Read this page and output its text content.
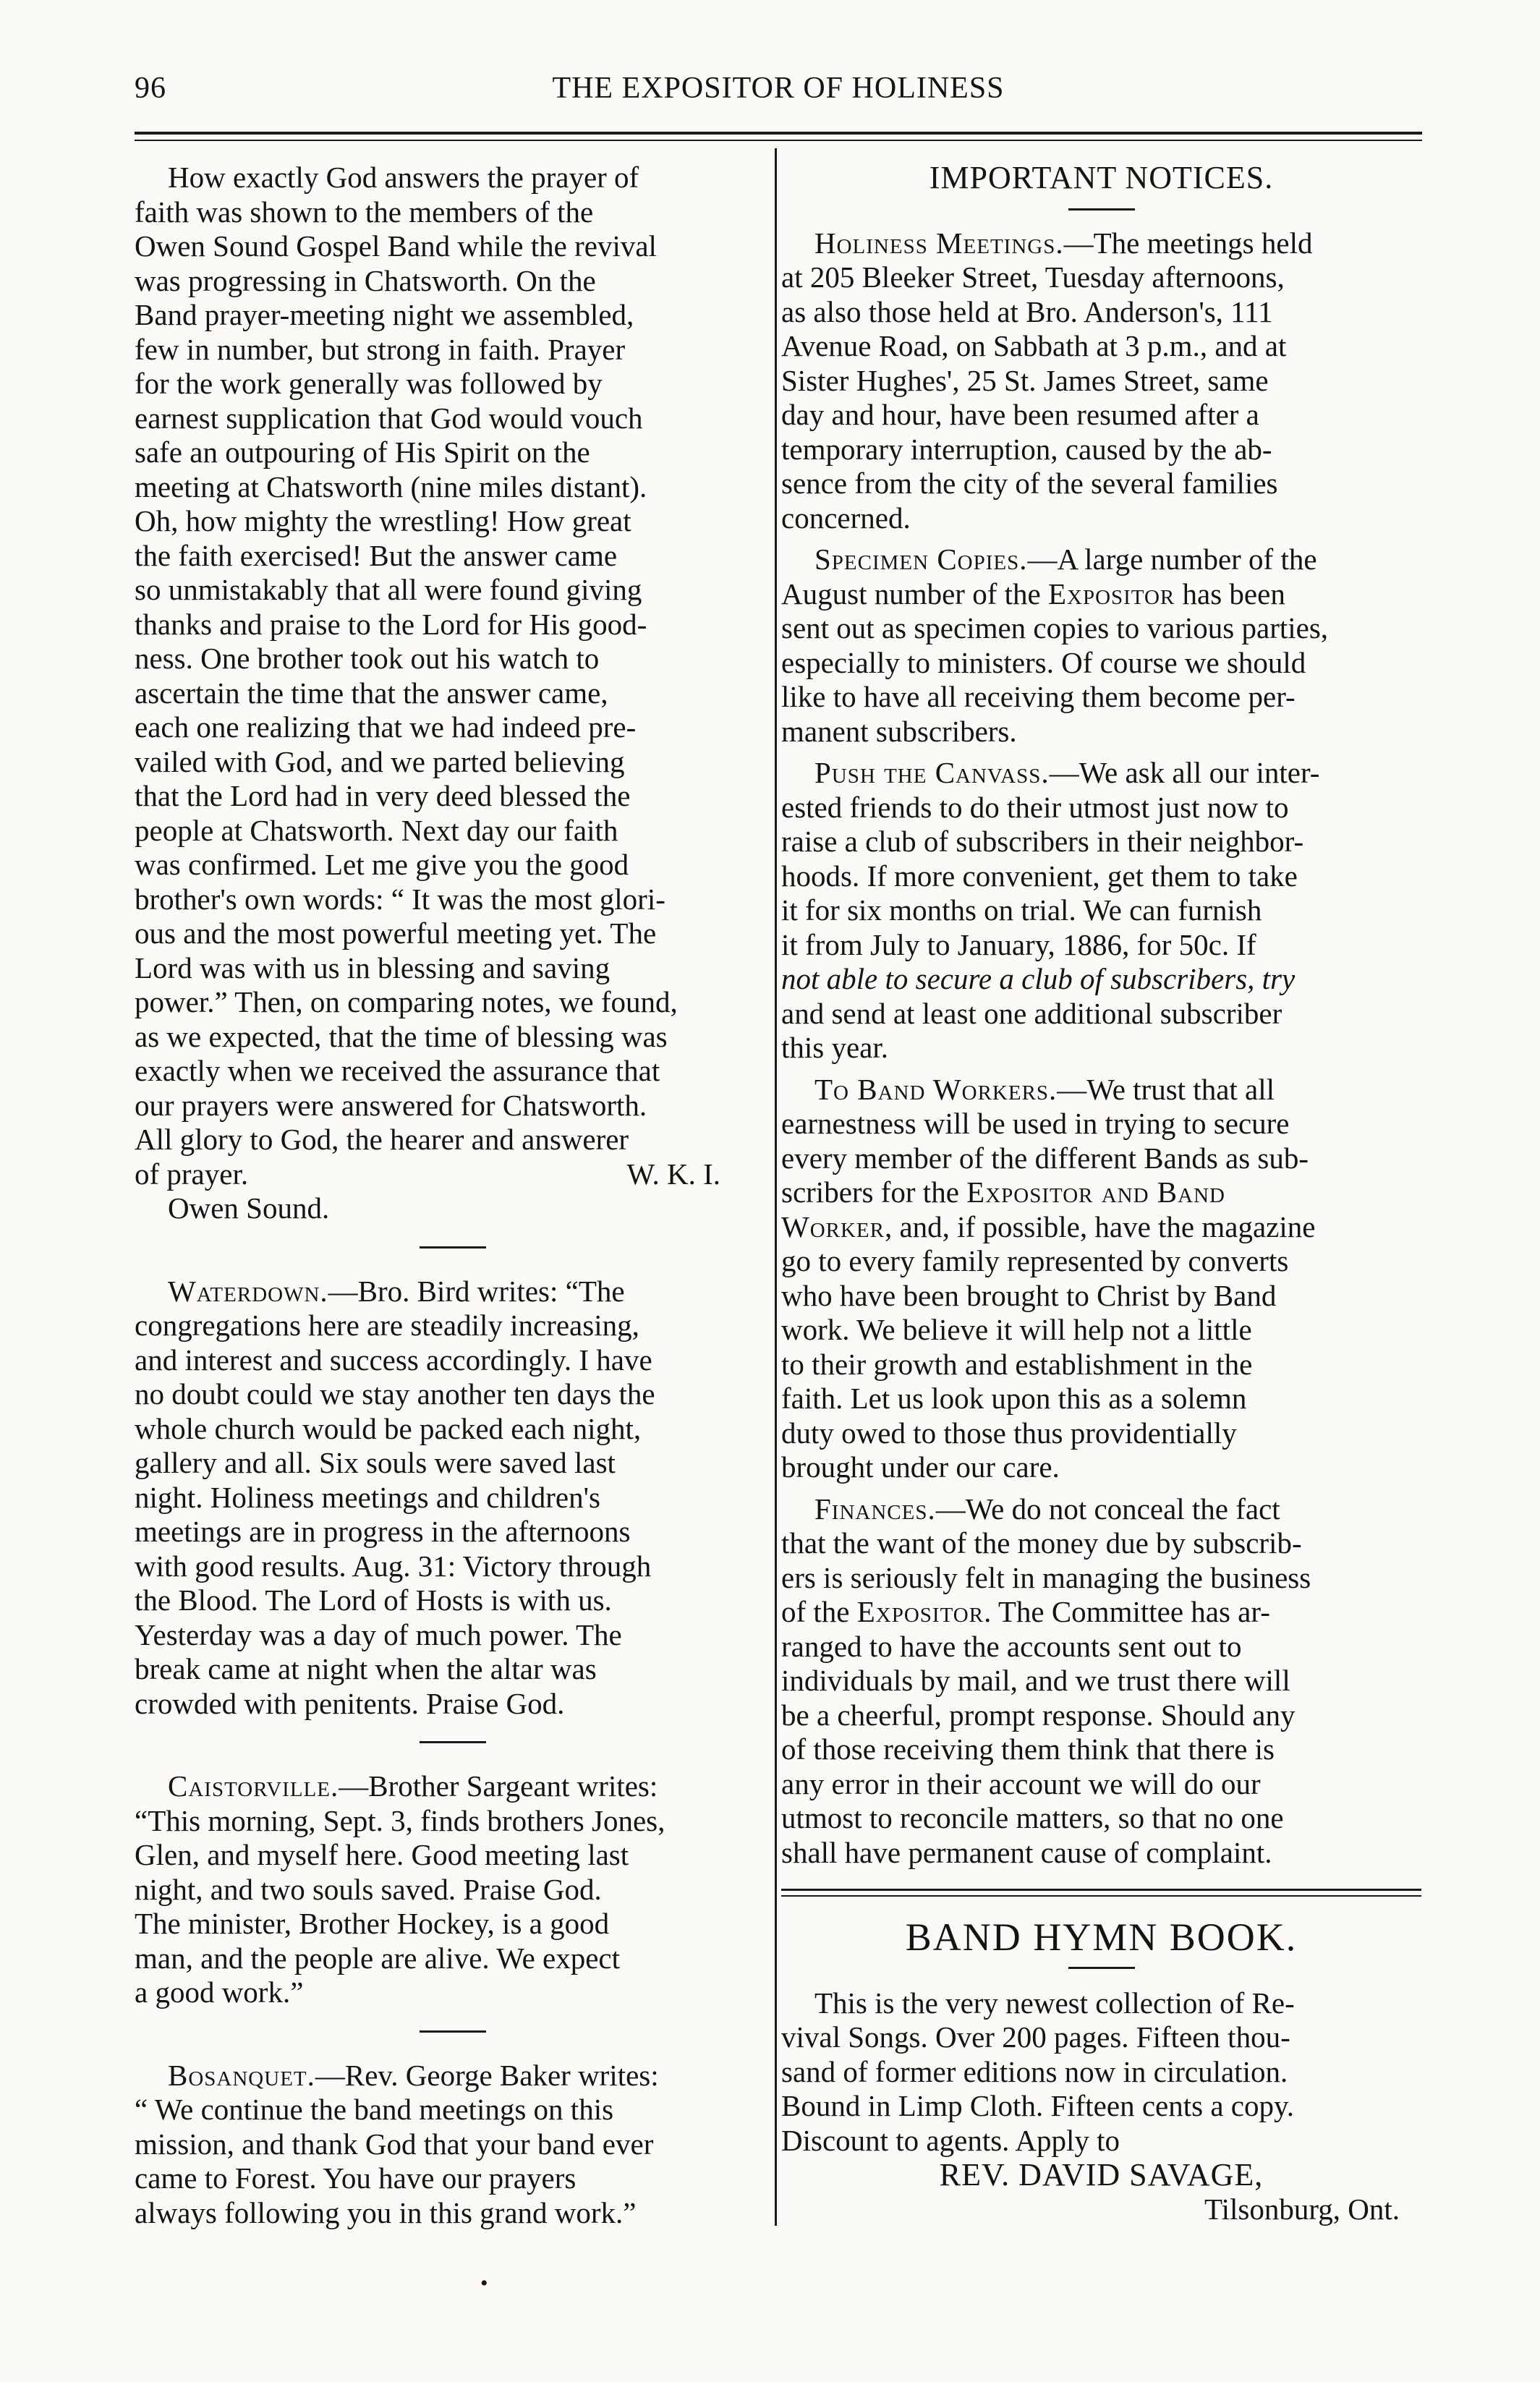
96	THE EXPOSITOR OF HOLINESS

How exactly God answers the prayer of

faith was shown to the members of the

Owen Sound Gospel Band while the revival

was progressing in Chatsworth. On the

Band prayer-meeting night we assembled,

few in number, but strong in faith. Prayer

for the work generally was followed by

earnest supplication that God would vouch

safe an outpouring of His Spirit on the

meeting at Chatsworth (nine miles distant).

Oh, how mighty the wrestling! How great

the faith exercised! But the answer came

so unmistakably that all were found giving

thanks and praise to the Lord for His good-

ness. One brother took out his watch to

ascertain the time that the answer came,

each one realizing that we had indeed pre-

vailed with God, and we parted believing

that the Lord had in very deed blessed the

people at Chatsworth. Next day our faith

was confirmed. Let me give you the good

brother's own words: “ It was the most glori-

ous and the most powerful meeting yet. The

Lord was with us in blessing and saving

power.” Then, on comparing notes, we found,

as we expected, that the time of blessing was

exactly when we received the assurance that

our prayers were answered for Chatsworth.

All glory to God, the hearer and answerer

of prayer.	W. K. I.

Owen Sound.

Waterdown.—Bro. Bird writes: “The

congregations here are steadily increasing,

and interest and success accordingly. I have

no doubt could we stay another ten days the

whole church would be packed each night,

gallery and all. Six souls were saved last

night. Holiness meetings and children's

meetings are in progress in the afternoons

with good results. Aug. 31: Victory through

the Blood. The Lord of Hosts is with us.

Yesterday was a day of much power. The

break came at night when the altar was

crowded with penitents. Praise God.

Caistorville.—Brother Sargeant writes:

“This morning, Sept. 3, finds brothers Jones,

Glen, and myself here. Good meeting last

night, and two souls saved. Praise God.

The minister, Brother Hockey, is a good

man, and the people are alive. We expect

a good work.”

Bosanquet.—Rev. George Baker writes:

“ We continue the band meetings on this

mission, and thank God that your band ever

came to Forest. You have our prayers

always following you in this grand work.”

IMPORTANT NOTICES.

Holiness Meetings.—The meetings held

at 205 Bleeker Street, Tuesday afternoons,

as also those held at Bro. Anderson's, 111

Avenue Road, on Sabbath at 3 p.m., and at

Sister Hughes', 25 St. James Street, same

day and hour, have been resumed after a

temporary interruption, caused by the ab-

sence from the city of the several families

concerned.

Specimen Copies.—A large number of the

August number of the Expositor has been

sent out as specimen copies to various parties,

especially to ministers. Of course we should

like to have all receiving them become per-

manent subscribers.

Push the Canvass.—We ask all our inter-

ested friends to do their utmost just now to

raise a club of subscribers in their neighbor-

hoods. If more convenient, get them to take

it for six months on trial. We can furnish

it from July to January, 1886, for 50c. If

not able to secure a club of subscribers, try

and send at least one additional subscriber

this year.

To Band Workers.—We trust that all

earnestness will be used in trying to secure

every member of the different Bands as sub-

scribers for the Expositor and Band

Worker, and, if possible, have the magazine

go to every family represented by converts

who have been brought to Christ by Band

work. We believe it will help not a little

to their growth and establishment in the

faith. Let us look upon this as a solemn

duty owed to those thus providentially

brought under our care.

Finances.—We do not conceal the fact

that the want of the money due by subscrib-

ers is seriously felt in managing the business

of the Expositor. The Committee has ar-

ranged to have the accounts sent out to

individuals by mail, and we trust there will

be a cheerful, prompt response. Should any

of those receiving them think that there is

any error in their account we will do our

utmost to reconcile matters, so that no one

shall have permanent cause of complaint.

BAND HYMN BOOK.

This is the very newest collection of Re-

vival Songs. Over 200 pages. Fifteen thou-

sand of former editions now in circulation.

Bound in Limp Cloth. Fifteen cents a copy.

Discount to agents. Apply to

REV. DAVID SAVAGE,

Tilsonburg, Ont.

•
